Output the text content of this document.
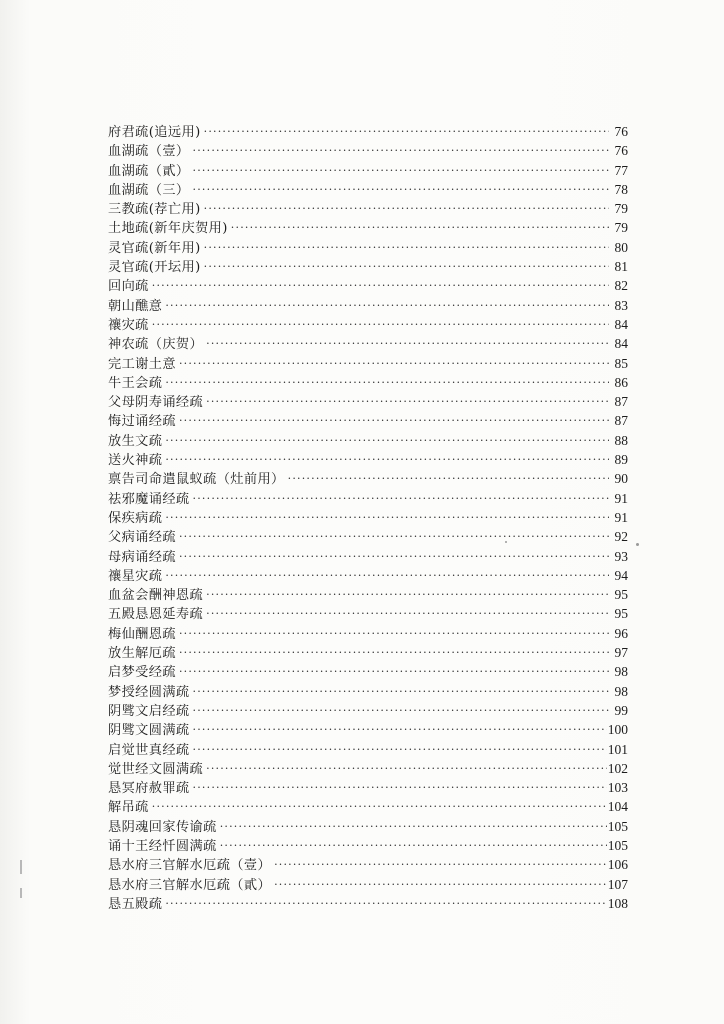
府君疏(追远用) ·····	76
血湖疏（壹） ·····	76
血湖疏（貳） ·····	77
血湖疏（三） ·····	78
三教疏(荐亡用) ·····	79
土地疏(新年庆贺用) ·····	79
灵官疏(新年用) ·····	80
灵官疏(开坛用) ·····	81
回向疏 ·····	82
朝山醮意 ·····	83
禳灾疏 ·····	84
神农疏（庆贺） ·····	84
完工谢土意 ·····	85
牛王会疏 ·····	86
父母阴寿诵经疏 ·····	87
悔过诵经疏 ·····	87
放生文疏 ·····	88
送火神疏 ·····	89
禀告司命遣鼠蚁疏（灶前用） ·····	90
祛邪魔诵经疏 ·····	91
保疾病疏 ·····	91
父病诵经疏 ·····	92
母病诵经疏 ·····	93
禳星灾疏 ·····	94
血盆会酬神恩疏 ·····	95
五殿恳恩延寿疏 ·····	95
梅仙酬恩疏 ·····	96
放生解厄疏 ·····	97
启梦受经疏 ·····	98
梦授经圆满疏 ·····	98
阴骘文启经疏 ·····	99
阴骘文圆满疏 ·····	100
启觉世真经疏 ·····	101
觉世经文圆满疏 ·····	102
恳冥府赦罪疏 ·····	103
解吊疏 ·····	104
恳阴魂回家传谕疏 ·····	105
诵十王经忏圆满疏 ·····	105
恳水府三官解水厄疏（壹） ·····	106
恳水府三官解水厄疏（貳） ·····	107
恳五殿疏 ·····	108
